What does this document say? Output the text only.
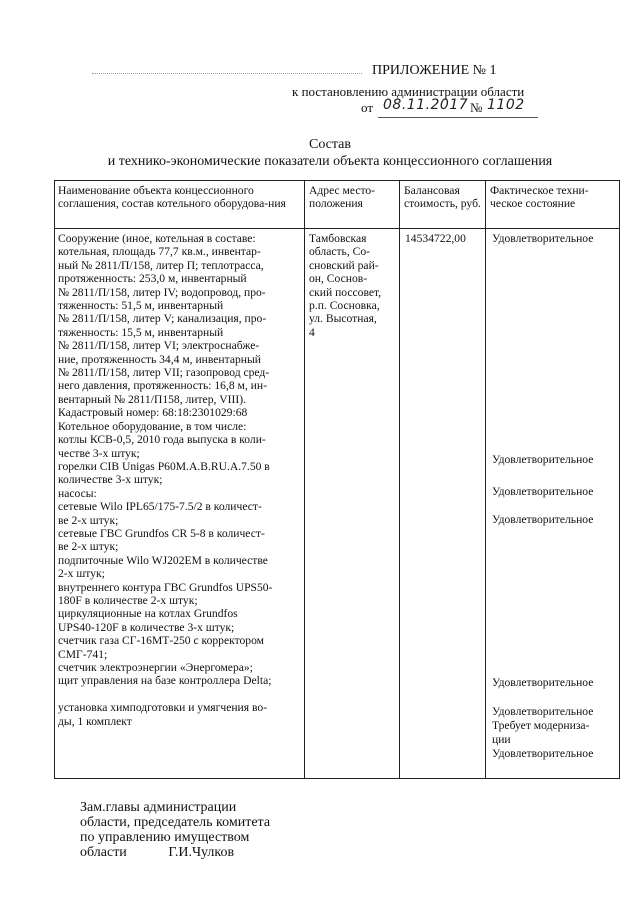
ПРИЛОЖЕНИЕ № 1
к постановлению администрации области
от 08.11.2017 № 1102
Состав
и технико-экономические показатели объекта концессионного соглашения
Наименование объекта концессионного соглашения, состав котельного оборудова-ния
Адрес место-положения
Балансовая стоимость, руб.
Фактическое техни-ческое состояние
Сооружение (иное, котельная в составе:
котельная, площадь 77,7 кв.м., инвентар-
ный № 2811/П/158, литер П; теплотрасса,
протяженность: 253,0 м, инвентарный
№ 2811/П/158, литер IV; водопровод, про-
тяженность: 51,5 м, инвентарный
№ 2811/П/158, литер V; канализация, про-
тяженность: 15,5 м, инвентарный
№ 2811/П/158, литер VI; электроснабже-
ние, протяженность 34,4 м, инвентарный
№ 2811/П/158, литер VII; газопровод сред-
него давления, протяженность: 16,8 м, ин-
вентарный № 2811/П158, литер, VIII).
Кадастровый номер: 68:18:2301029:68
Котельное оборудование, в том числе:
котлы КСВ-0,5, 2010 года выпуска в коли-
честве 3-х штук;
горелки CIB Unigas P60M.A.B.RU.A.7.50 в
количестве 3-х штук;
насосы:
сетевые Wilo IPL65/175-7.5/2 в количест-
ве 2-х штук;
сетевые ГВС Grundfos CR 5-8 в количест-
ве 2-х штук;
подпиточные Wilo WJ202EM в количестве
2-х штук;
внутреннего контура ГВС Grundfos UPS50-
180F в количестве 2-х штук;
циркуляционные на котлах Grundfos
UPS40-120F в количестве 3-х штук;
счетчик газа СГ-16МТ-250 с корректором
СМГ-741;
счетчик электроэнергии «Энергомера»;
щит управления на базе контроллера Delta;

установка химподготовки и умягчения во-
ды, 1 комплект
Тамбовская
область, Со-
сновский рай-
он, Соснов-
ский поссовет,
р.п. Сосновка,
ул. Высотная,
4
14534722,00 Удовлетворительное
Удовлетворительное
Удовлетворительное
Удовлетворительное
Удовлетворительное
Удовлетворительное
Требует модерниза-
ции
Удовлетворительное
Зам.главы администрации
области, председатель комитета
по управлению имуществом
области	Г.И.Чулков
